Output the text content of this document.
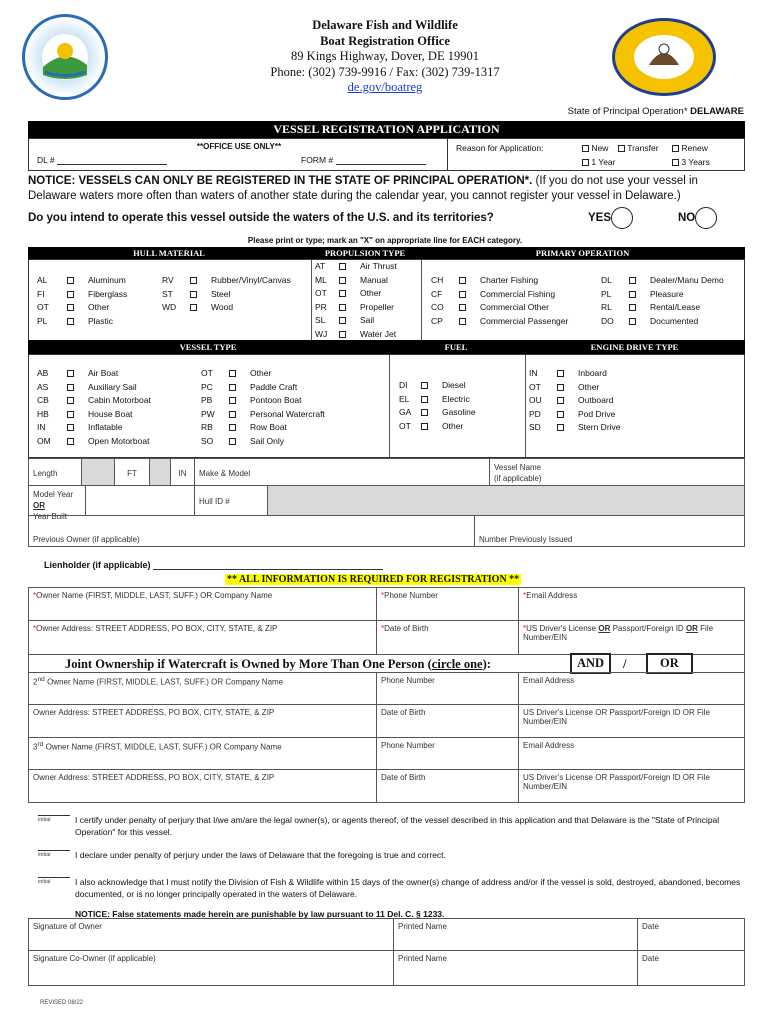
Delaware Fish and Wildlife
Boat Registration Office
89 Kings Highway, Dover, DE 19901
Phone: (302) 739-9916 / Fax: (302) 739-1317
de.gov/boatreg
State of Principal Operation* DELAWARE
VESSEL REGISTRATION APPLICATION
**OFFICE USE ONLY**
DL #	FORM #
Reason for Application:	New	Transfer	Renew
1 Year	3 Years
NOTICE: VESSELS CAN ONLY BE REGISTERED IN THE STATE OF PRINCIPAL OPERATION*. (If you do not use your vessel in Delaware waters more often than waters of another state during the calendar year, you cannot register your vessel in Delaware.)
Do you intend to operate this vessel outside the waters of the U.S. and its territories?	YES	NO
Please print or type; mark an "X" on appropriate line for EACH category.
HULL MATERIAL	PROPULSION TYPE	PRIMARY OPERATION
AL	Aluminum
FI	Fiberglass
OT	Other
PL	Plastic
RV	Rubber/Vinyl/Canvas
ST	Steel
WD	Wood
AT	Air Thrust
ML	Manual
OT	Other
PR	Propeller
SL	Sail
WJ	Water Jet
CH	Charter Fishing
CF	Commercial Fishing
CO	Commercial Other
CP	Commercial Passenger
DL	Dealer/Manu Demo
PL	Pleasure
RL	Rental/Lease
DO	Documented
VESSEL TYPE	FUEL	ENGINE DRIVE TYPE
AB	Air Boat
AS	Auxiliary Sail
CB	Cabin Motorboat
HB	House Boat
IN	Inflatable
OM	Open Motorboat
OT	Other
PC	Paddle Craft
PB	Pontoon Boat
PW	Personal Watercraft
RB	Row Boat
SO	Sail Only
DI	Diesel
EL	Electric
GA	Gasoline
OT	Other
IN	Inboard
OT	Other
OU	Outboard
PD	Pod Drive
SD	Stern Drive
Length	FT	IN	Make & Model
Vessel Name
(if applicable)
Model Year OR
Year Built
Hull ID #
Previous Owner (if applicable)	Number Previously Issued
Lienholder (if applicable)
** ALL INFORMATION IS REQUIRED FOR REGISTRATION **
*Owner Name (FIRST, MIDDLE, LAST, SUFF.) OR Company Name	*Phone Number	*Email Address
*Owner Address: STREET ADDRESS, PO BOX, CITY, STATE, & ZIP	*Date of Birth	*US Driver's License OR Passport/Foreign ID OR File Number/EIN
Joint Ownership if Watercraft is Owned by More Than One Person (circle one):	AND	/	OR
2nd Owner Name (FIRST, MIDDLE, LAST, SUFF.) OR Company Name	Phone Number	Email Address
Owner Address: STREET ADDRESS, PO BOX, CITY, STATE, & ZIP	Date of Birth	US Driver's License OR Passport/Foreign ID OR File Number/EIN
3rd Owner Name (FIRST, MIDDLE, LAST, SUFF.) OR Company Name	Phone Number	Email Address
Owner Address: STREET ADDRESS, PO BOX, CITY, STATE, & ZIP	Date of Birth	US Driver's License OR Passport/Foreign ID OR File Number/EIN
initial	I certify under penalty of perjury that I/we am/are the legal owner(s), or agents thereof, of the vessel described in this application and that Delaware is the "State of Principal Operation" for this vessel.
initial	I declare under penalty of perjury under the laws of Delaware that the foregoing is true and correct.
initial	I also acknowledge that I must notify the Division of Fish & Wildlife within 15 days of the owner(s) change of address and/or if the vessel is sold, destroyed, abandoned, becomes documented, or is no longer principally operated in the waters of Delaware.
NOTICE: False statements made herein are punishable by law pursuant to 11 Del. C. § 1233.
Signature of Owner	Printed Name	Date
Signature Co-Owner (if applicable)	Printed Name	Date
REVISED 08/22
